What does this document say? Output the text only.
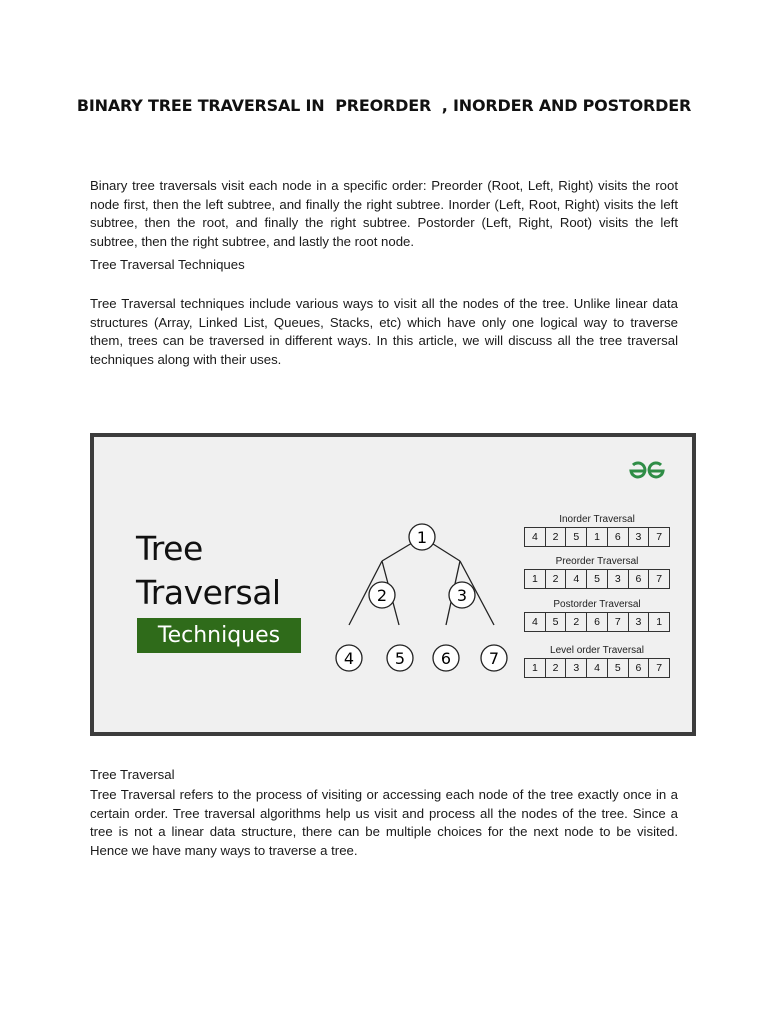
BINARY TREE TRAVERSAL IN  PREORDER  , INORDER AND POSTORDER

Binary tree traversals visit each node in a specific order: Preorder (Root, Left, Right) visits the root node first, then the left subtree, and finally the right subtree. Inorder (Left, Root, Right) visits the left subtree, then the root, and finally the right subtree. Postorder (Left, Right, Root) visits the left subtree, then the right subtree, and lastly the root node.

Tree Traversal Techniques

Tree Traversal techniques include various ways to visit all the nodes of the tree. Unlike linear data structures (Array, Linked List, Queues, Stacks, etc) which have only one logical way to traverse them, trees can be traversed in different ways. In this article, we will discuss all the tree traversal techniques along with their uses.

Tree
Traversal
Techniques
1
2	3
4	5 6 7
Inorder Traversal
4	2	5	1	6	3	7
Preorder Traversal
1	2	4	5	3	6	7
Postorder Traversal
4	5	2	6	7	3	1
Level order Traversal
1	2	3	4	5	6	7
Tree Traversal

Tree Traversal refers to the process of visiting or accessing each node of the tree exactly once in a certain order. Tree traversal algorithms help us visit and process all the nodes of the tree. Since a tree is not a linear data structure, there can be multiple choices for the next node to be visited. Hence we have many ways to traverse a tree.
